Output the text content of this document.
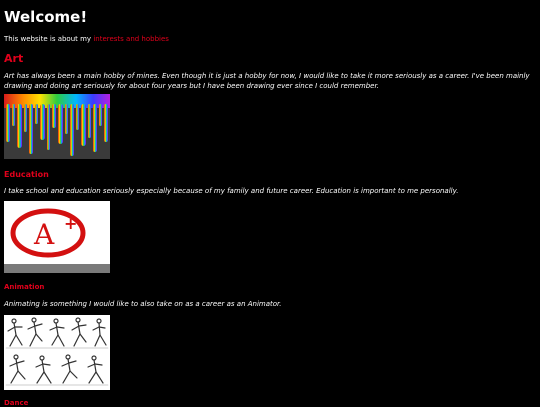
Welcome!

This website is about my interests and hobbies

Art

Art has always been a main hobby of mines. Even though it is just a hobby for now, I would like to take it more seriously as a career. I've been mainly drawing and doing art seriously for about four years but I have been drawing ever since I could remember.

Education

I take school and education seriously especially because of my family and future career. Education is important to me personally.

A +
Animation

Animating is something I would like to also take on as a career as an Animator.

Dance
